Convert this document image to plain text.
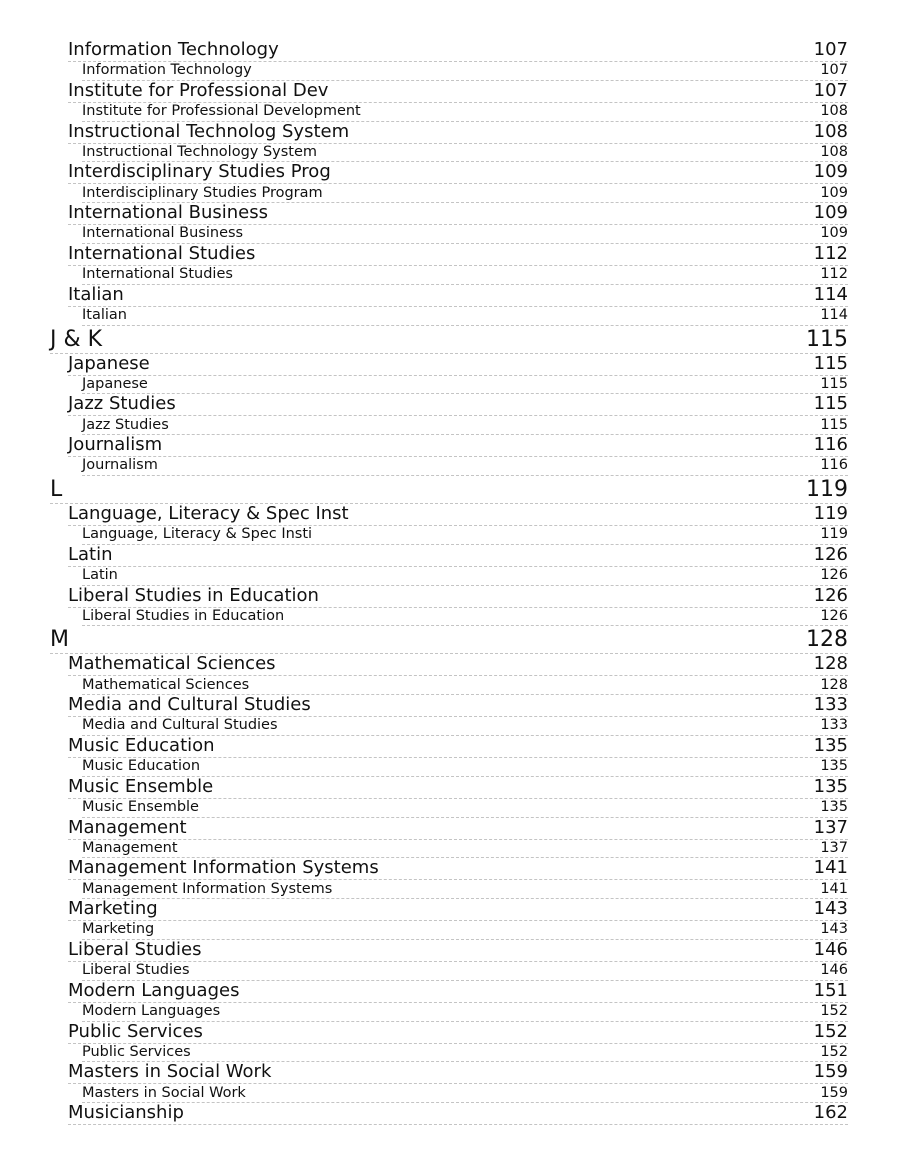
Information Technology	107
Information Technology	107
Institute for Professional Dev	107
Institute for Professional Development	108
Instructional Technolog System	108
Instructional Technology System	108
Interdisciplinary Studies Prog	109
Interdisciplinary Studies Program	109
International Business	109
International Business	109
International Studies	112
International Studies	112
Italian	114
Italian	114
J & K	115
Japanese	115
Japanese	115
Jazz Studies	115
Jazz Studies	115
Journalism	116
Journalism	116
L	119
Language, Literacy & Spec Inst	119
Language, Literacy & Spec Insti	119
Latin	126
Latin	126
Liberal Studies in Education	126
Liberal Studies in Education	126
M	128
Mathematical Sciences	128
Mathematical Sciences	128
Media and Cultural Studies	133
Media and Cultural Studies	133
Music Education	135
Music Education	135
Music Ensemble	135
Music Ensemble	135
Management	137
Management	137
Management Information Systems	141
Management Information Systems	141
Marketing	143
Marketing	143
Liberal Studies	146
Liberal Studies	146
Modern Languages	151
Modern Languages	152
Public Services	152
Public Services	152
Masters in Social Work	159
Masters in Social Work	159
Musicianship	162
